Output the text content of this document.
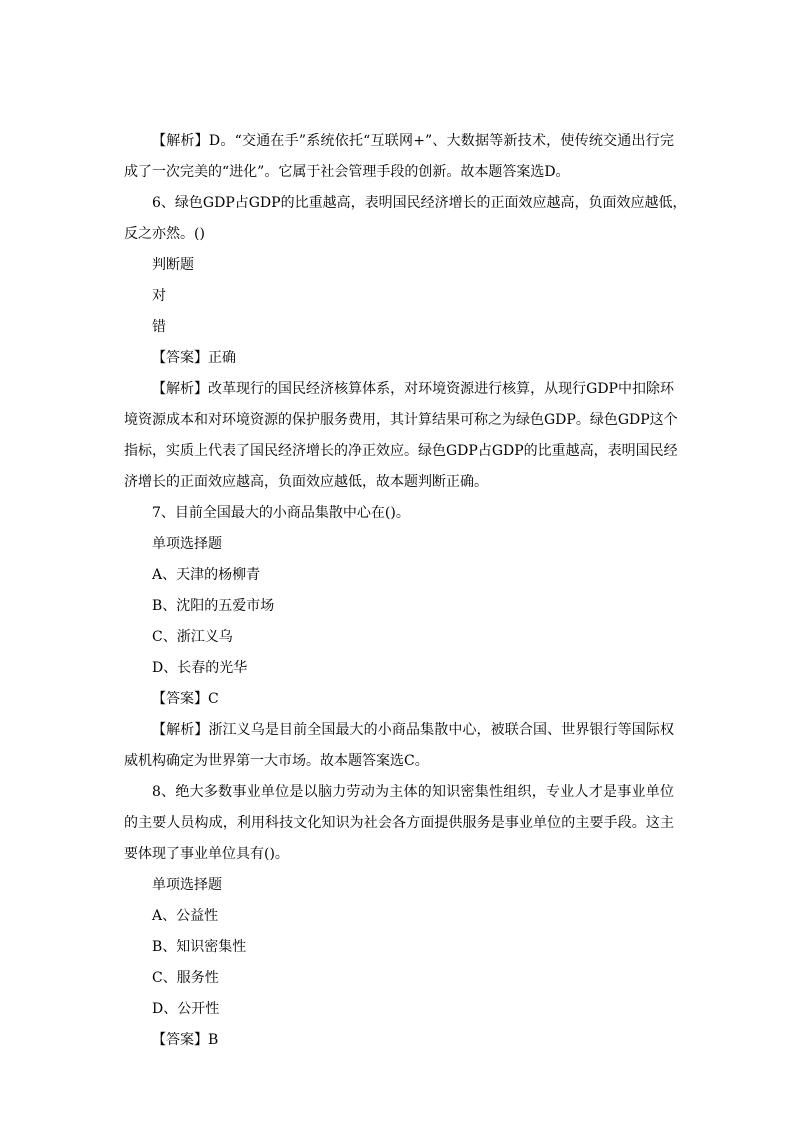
【解析】D。“交通在手”系统依托“互联网+”、大数据等新技术，使传统交通出行完
成了一次完美的“进化”。它属于社会管理手段的创新。故本题答案选D。
6、绿色GDP占GDP的比重越高，表明国民经济增长的正面效应越高，负面效应越低，
反之亦然。()
判断题
对
错
【答案】正确
【解析】改革现行的国民经济核算体系，对环境资源进行核算，从现行GDP中扣除环
境资源成本和对环境资源的保护服务费用，其计算结果可称之为绿色GDP。绿色GDP这个
指标，实质上代表了国民经济增长的净正效应。绿色GDP占GDP的比重越高，表明国民经
济增长的正面效应越高，负面效应越低，故本题判断正确。
7、目前全国最大的小商品集散中心在()。
单项选择题
A、天津的杨柳青
B、沈阳的五爱市场
C、浙江义乌
D、长春的光华
【答案】C
【解析】浙江义乌是目前全国最大的小商品集散中心，被联合国、世界银行等国际权
威机构确定为世界第一大市场。故本题答案选C。
8、绝大多数事业单位是以脑力劳动为主体的知识密集性组织，专业人才是事业单位
的主要人员构成，利用科技文化知识为社会各方面提供服务是事业单位的主要手段。这主
要体现了事业单位具有()。
单项选择题
A、公益性
B、知识密集性
C、服务性
D、公开性
【答案】B
